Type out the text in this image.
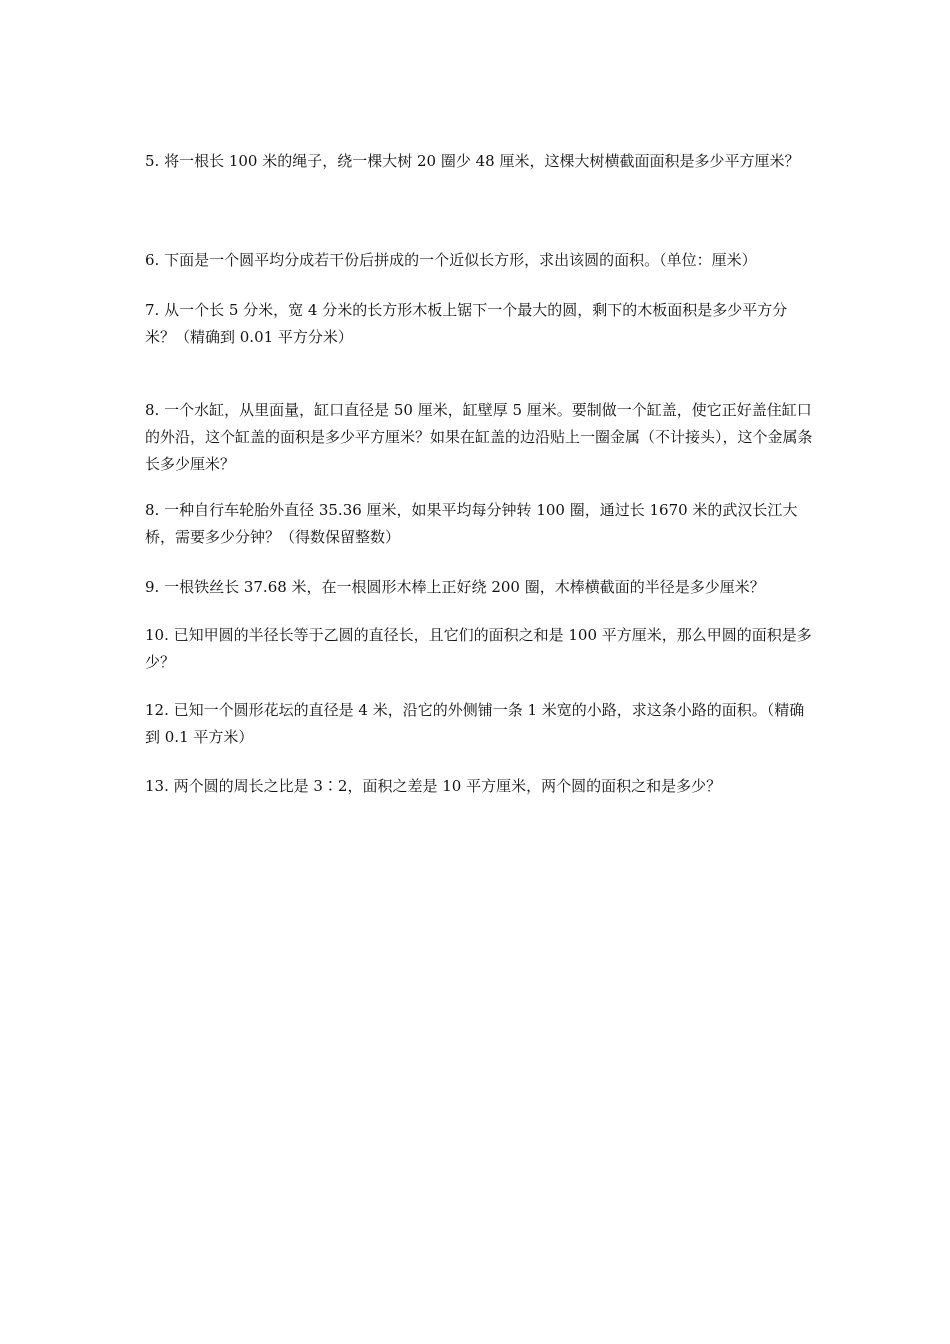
5. 将一根长 100 米的绳子，绕一棵大树 20 圈少 48 厘米，这棵大树横截面面积是多少平方厘米？

6. 下面是一个圆平均分成若干份后拼成的一个近似长方形，求出该圆的面积。（单位：厘米）

7. 从一个长 5 分米，宽 4 分米的长方形木板上锯下一个最大的圆，剩下的木板面积是多少平方分米？（精确到 0.01 平方分米）

8. 一个水缸，从里面量，缸口直径是 50 厘米，缸壁厚 5 厘米。要制做一个缸盖，使它正好盖住缸口的外沿，这个缸盖的面积是多少平方厘米？如果在缸盖的边沿贴上一圈金属（不计接头），这个金属条长多少厘米？

8. 一种自行车轮胎外直径 35.36 厘米，如果平均每分钟转 100 圈，通过长 1670 米的武汉长江大桥，需要多少分钟？（得数保留整数）

9. 一根铁丝长 37.68 米，在一根圆形木棒上正好绕 200 圈，木棒横截面的半径是多少厘米？

10. 已知甲圆的半径长等于乙圆的直径长，且它们的面积之和是 100 平方厘米，那么甲圆的面积是多少？

12. 已知一个圆形花坛的直径是 4 米，沿它的外侧铺一条 1 米宽的小路，求这条小路的面积。（精确到 0.1 平方米）

13. 两个圆的周长之比是 3∶2，面积之差是 10 平方厘米，两个圆的面积之和是多少？
